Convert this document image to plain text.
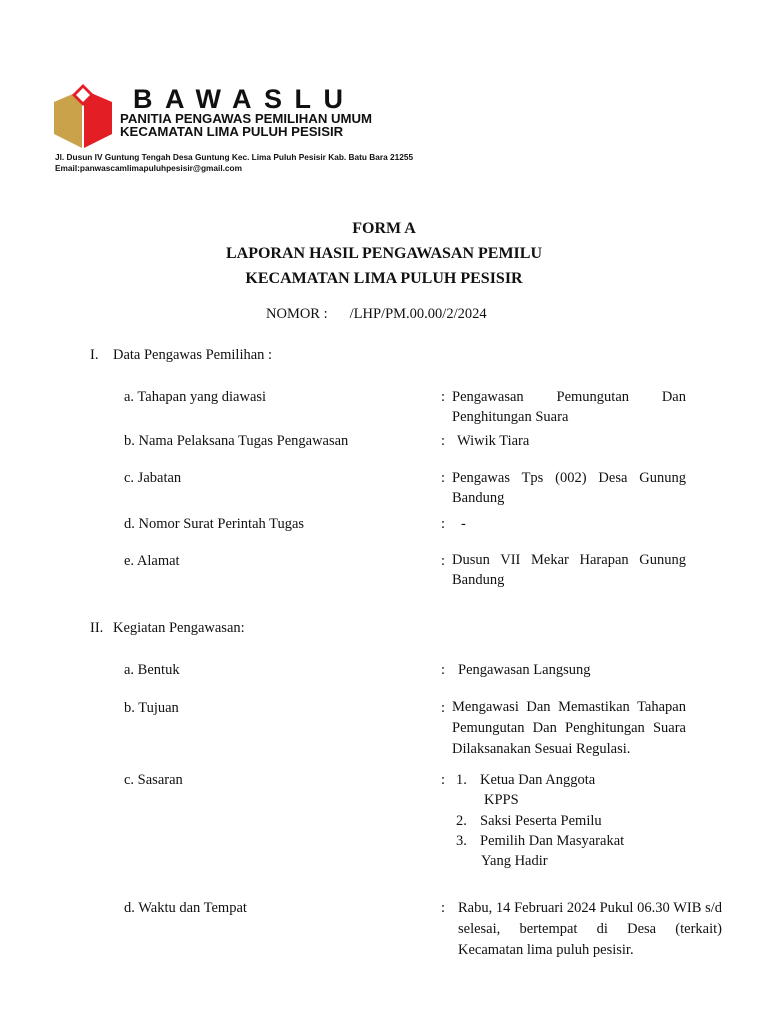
BAWASLU
PANITIA PENGAWAS PEMILIHAN UMUM
KECAMATAN LIMA PULUH PESISIR
Jl. Dusun IV Guntung Tengah Desa Guntung Kec. Lima Puluh Pesisir Kab. Batu Bara 21255
Email:panwascamlimapuluhpesisir@gmail.com
FORM A
LAPORAN HASIL PENGAWASAN PEMILU
KECAMATAN LIMA PULUH PESISIR
NOMOR : /LHP/PM.00.00/2/2024
I. Data Pengawas Pemilihan :
a. Tahapan yang diawasi	: Pengawasan Pemungutan Dan Penghitungan Suara
b. Nama Pelaksana Tugas Pengawasan	: Wiwik Tiara
c. Jabatan	: Pengawas Tps (002) Desa Gunung Bandung
d. Nomor Surat Perintah Tugas	: -
e. Alamat	: Dusun VII Mekar Harapan Gunung Bandung
II. Kegiatan Pengawasan:
a. Bentuk	: Pengawasan Langsung
b. Tujuan	: Mengawasi Dan Memastikan Tahapan Pemungutan Dan Penghitungan Suara Dilaksanakan Sesuai Regulasi.
c. Sasaran	: 1. Ketua Dan Anggota
KPPS
2. Saksi Peserta Pemilu
3. Pemilih Dan Masyarakat
Yang Hadir
d. Waktu dan Tempat	: Rabu, 14 Februari 2024 Pukul 06.30 WIB s/d selesai, bertempat di Desa (terkait) Kecamatan lima puluh pesisir.
